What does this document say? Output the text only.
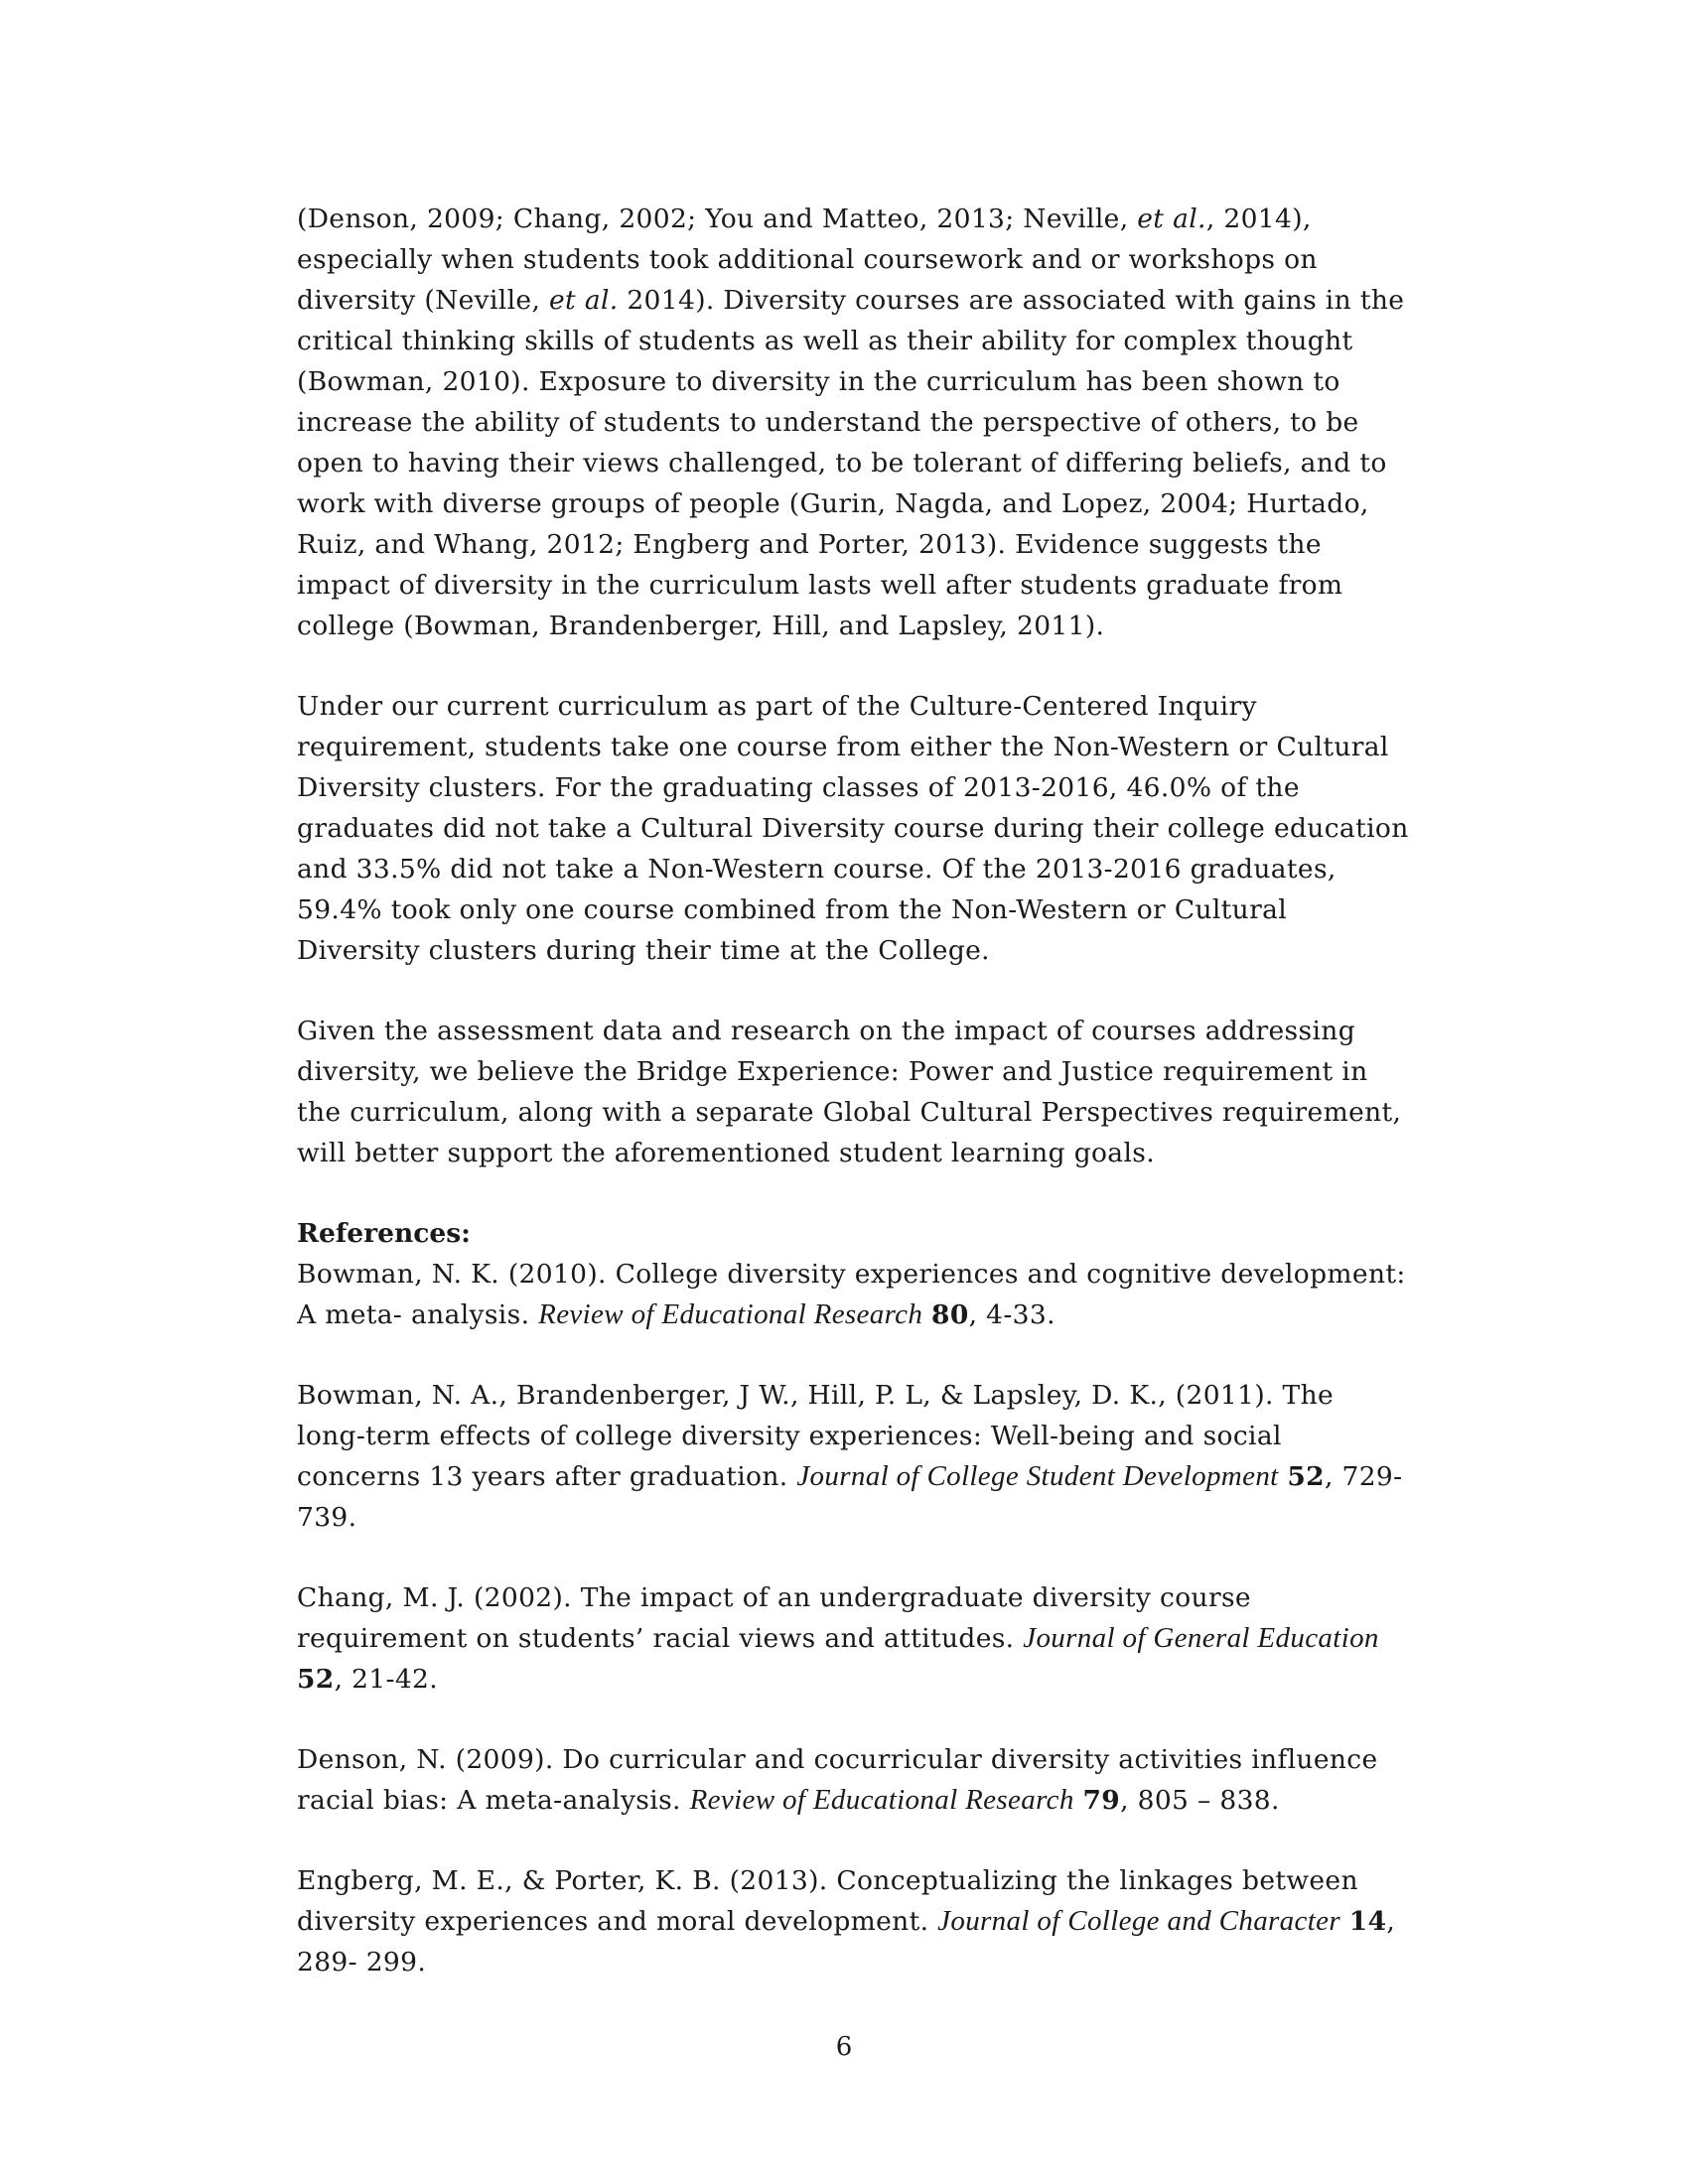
(Denson, 2009; Chang, 2002; You and Matteo, 2013; Neville, et al., 2014), especially when students took additional coursework and or workshops on diversity (Neville, et al. 2014). Diversity courses are associated with gains in the critical thinking skills of students as well as their ability for complex thought (Bowman, 2010). Exposure to diversity in the curriculum has been shown to increase the ability of students to understand the perspective of others, to be open to having their views challenged, to be tolerant of differing beliefs, and to work with diverse groups of people (Gurin, Nagda, and Lopez, 2004; Hurtado, Ruiz, and Whang, 2012; Engberg and Porter, 2013). Evidence suggests the impact of diversity in the curriculum lasts well after students graduate from college (Bowman, Brandenberger, Hill, and Lapsley, 2011).

Under our current curriculum as part of the Culture-Centered Inquiry requirement, students take one course from either the Non-Western or Cultural Diversity clusters. For the graduating classes of 2013-2016, 46.0% of the graduates did not take a Cultural Diversity course during their college education and 33.5% did not take a Non-Western course. Of the 2013-2016 graduates, 59.4% took only one course combined from the Non-Western or Cultural Diversity clusters during their time at the College.

Given the assessment data and research on the impact of courses addressing diversity, we believe the Bridge Experience: Power and Justice requirement in the curriculum, along with a separate Global Cultural Perspectives requirement, will better support the aforementioned student learning goals.

References:
Bowman, N. K. (2010). College diversity experiences and cognitive development: A meta- analysis. Review of Educational Research 80, 4-33.
Bowman, N. A., Brandenberger, J W., Hill, P. L, & Lapsley, D. K., (2011). The long-term effects of college diversity experiences: Well-being and social concerns 13 years after graduation. Journal of College Student Development 52, 729-739.
Chang, M. J. (2002). The impact of an undergraduate diversity course requirement on students’ racial views and attitudes. Journal of General Education 52, 21-42.
Denson, N. (2009). Do curricular and cocurricular diversity activities influence racial bias: A meta-analysis. Review of Educational Research 79, 805 – 838.
Engberg, M. E., & Porter, K. B. (2013). Conceptualizing the linkages between diversity experiences and moral development. Journal of College and Character 14, 289- 299.
6
